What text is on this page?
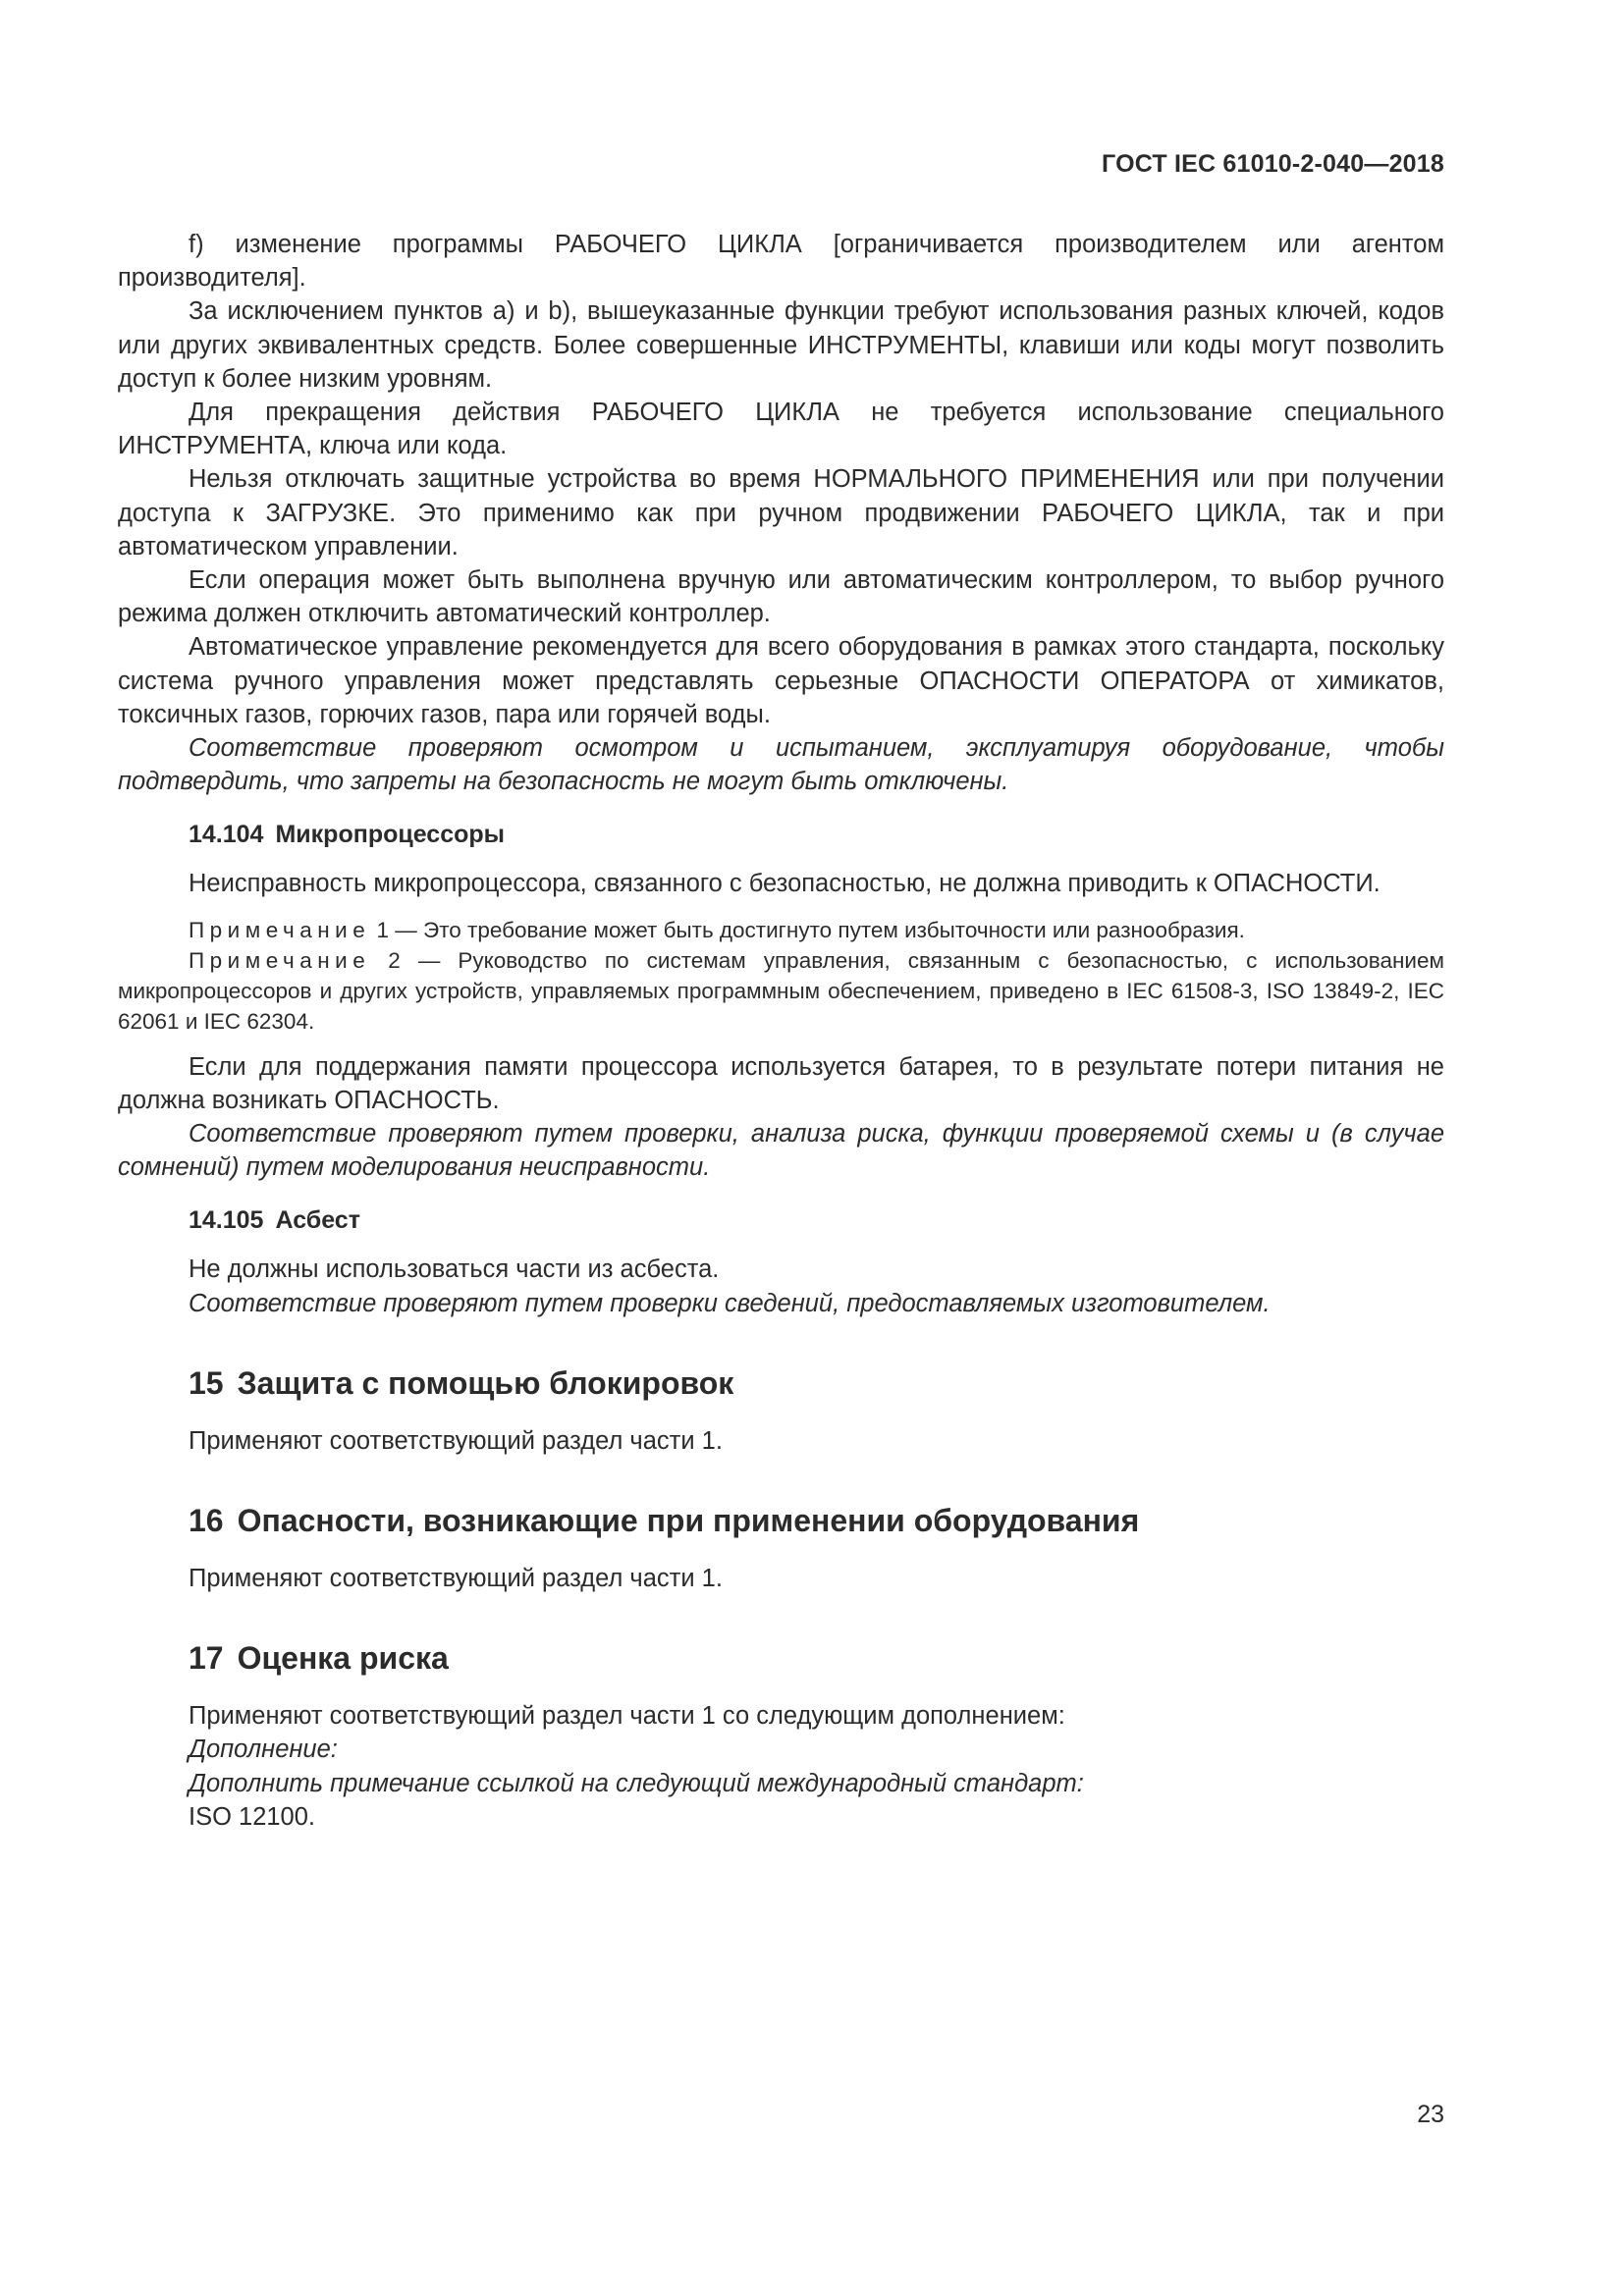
ГОСТ IEC 61010-2-040—2018

f) изменение программы РАБОЧЕГО ЦИКЛА [ограничивается производителем или агентом производителя].

За исключением пунктов a) и b), вышеуказанные функции требуют использования разных ключей, кодов или других эквивалентных средств. Более совершенные ИНСТРУМЕНТЫ, клавиши или коды могут позволить доступ к более низким уровням.

Для прекращения действия РАБОЧЕГО ЦИКЛА не требуется использование специального ИНСТРУМЕНТА, ключа или кода.

Нельзя отключать защитные устройства во время НОРМАЛЬНОГО ПРИМЕНЕНИЯ или при получении доступа к ЗАГРУЗКЕ. Это применимо как при ручном продвижении РАБОЧЕГО ЦИКЛА, так и при автоматическом управлении.

Если операция может быть выполнена вручную или автоматическим контроллером, то выбор ручного режима должен отключить автоматический контроллер.

Автоматическое управление рекомендуется для всего оборудования в рамках этого стандарта, поскольку система ручного управления может представлять серьезные ОПАСНОСТИ ОПЕРАТОРА от химикатов, токсичных газов, горючих газов, пара или горячей воды.

Соответствие проверяют осмотром и испытанием, эксплуатируя оборудование, чтобы подтвердить, что запреты на безопасность не могут быть отключены.

14.104 Микропроцессоры

Неисправность микропроцессора, связанного с безопасностью, не должна приводить к ОПАСНОСТИ.

Примечание 1 — Это требование может быть достигнуто путем избыточности или разнообразия.
Примечание 2 — Руководство по системам управления, связанным с безопасностью, с использованием микропроцессоров и других устройств, управляемых программным обеспечением, приведено в IEC 61508-3, ISO 13849-2, IEC 62061 и IEC 62304.

Если для поддержания памяти процессора используется батарея, то в результате потери питания не должна возникать ОПАСНОСТЬ.

Соответствие проверяют путем проверки, анализа риска, функции проверяемой схемы и (в случае сомнений) путем моделирования неисправности.

14.105 Асбест

Не должны использоваться части из асбеста.

Соответствие проверяют путем проверки сведений, предоставляемых изготовителем.

15 Защита с помощью блокировок

Применяют соответствующий раздел части 1.

16 Опасности, возникающие при применении оборудования

Применяют соответствующий раздел части 1.

17 Оценка риска

Применяют соответствующий раздел части 1 со следующим дополнением:

Дополнение:

Дополнить примечание ссылкой на следующий международный стандарт:

ISO 12100.

23
